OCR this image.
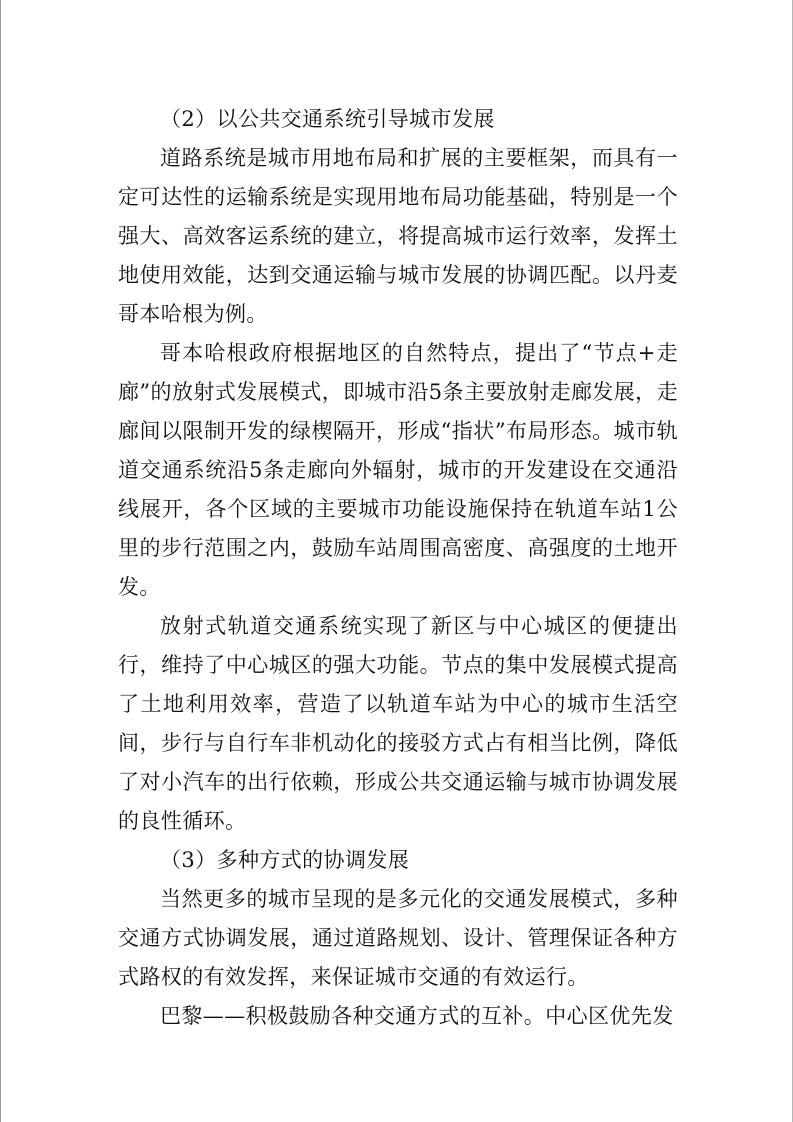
（2）以公共交通系统引导城市发展

道路系统是城市用地布局和扩展的主要框架，而具有一定可达性的运输系统是实现用地布局功能基础，特别是一个强大、高效客运系统的建立，将提高城市运行效率，发挥土地使用效能，达到交通运输与城市发展的协调匹配。以丹麦哥本哈根为例。

哥本哈根政府根据地区的自然特点，提出了“节点+走廊”的放射式发展模式，即城市沿5条主要放射走廊发展，走廊间以限制开发的绿楔隔开，形成“指状”布局形态。城市轨道交通系统沿5条走廊向外辐射，城市的开发建设在交通沿线展开，各个区域的主要城市功能设施保持在轨道车站1公里的步行范围之内，鼓励车站周围高密度、高强度的土地开发。

放射式轨道交通系统实现了新区与中心城区的便捷出行，维持了中心城区的强大功能。节点的集中发展模式提高了土地利用效率，营造了以轨道车站为中心的城市生活空间，步行与自行车非机动化的接驳方式占有相当比例，降低了对小汽车的出行依赖，形成公共交通运输与城市协调发展的良性循环。

（3）多种方式的协调发展

当然更多的城市呈现的是多元化的交通发展模式，多种交通方式协调发展，通过道路规划、设计、管理保证各种方式路权的有效发挥，来保证城市交通的有效运行。

巴黎——积极鼓励各种交通方式的互补。中心区优先发
